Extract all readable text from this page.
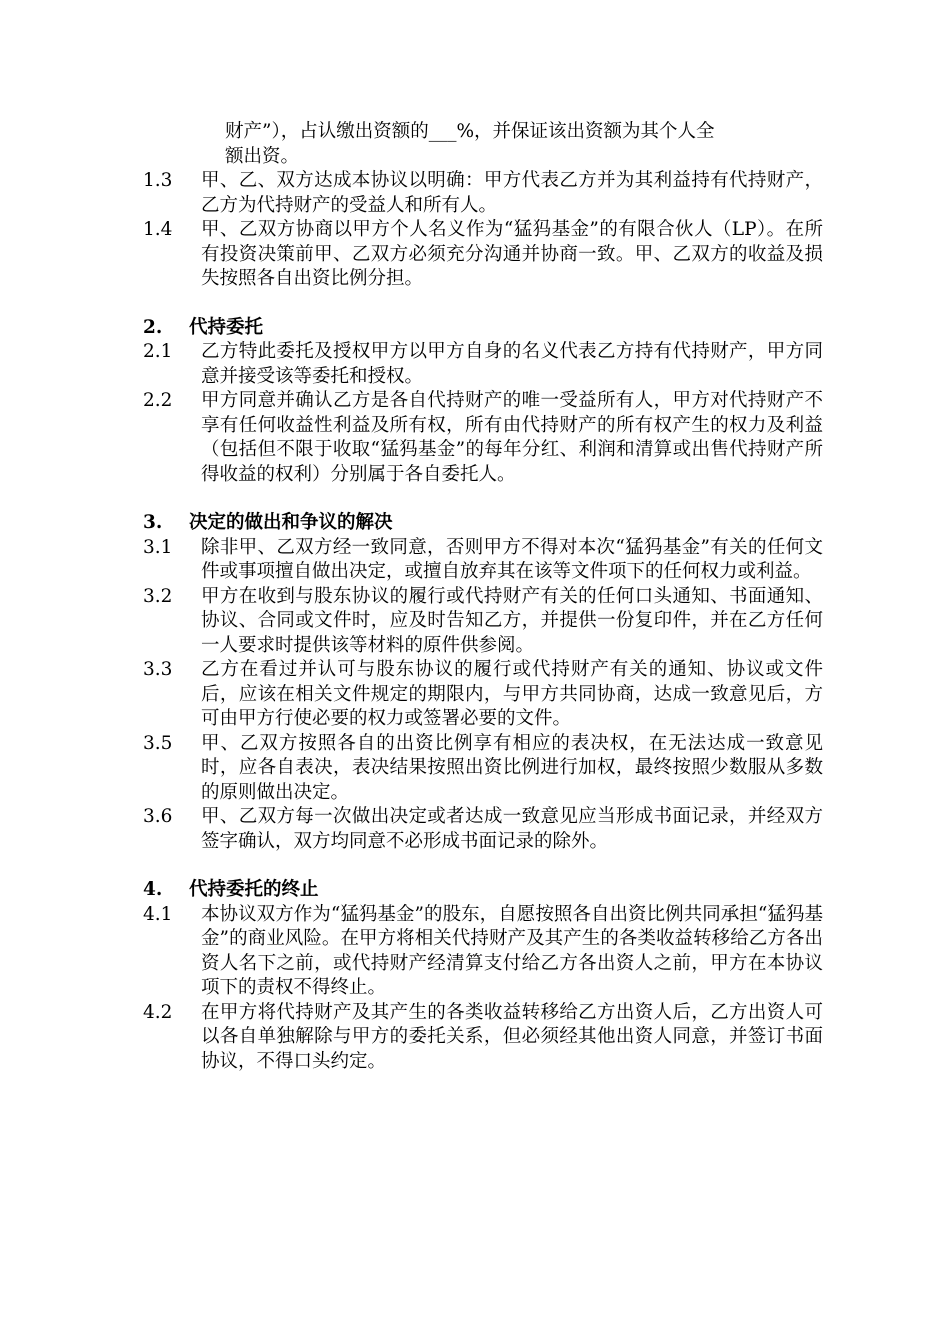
财产”），占认缴出资额的___%，并保证该出资额为其个人全
额出资。
1.3	甲、乙、双方达成本协议以明确：甲方代表乙方并为其利益持有代持财产，乙方为代持财产的受益人和所有人。
1.4	甲、乙双方协商以甲方个人名义作为“猛犸基金”的有限合伙人（LP）。在所有投资决策前甲、乙双方必须充分沟通并协商一致。甲、乙双方的收益及损失按照各自出资比例分担。
2.	代持委托
2.1	乙方特此委托及授权甲方以甲方自身的名义代表乙方持有代持财产，甲方同意并接受该等委托和授权。
2.2	甲方同意并确认乙方是各自代持财产的唯一受益所有人，甲方对代持财产不享有任何收益性利益及所有权，所有由代持财产的所有权产生的权力及利益（包括但不限于收取“猛犸基金”的每年分红、利润和清算或出售代持财产所得收益的权利）分别属于各自委托人。
3.	决定的做出和争议的解决
3.1	除非甲、乙双方经一致同意，否则甲方不得对本次“猛犸基金”有关的任何文件或事项擅自做出决定，或擅自放弃其在该等文件项下的任何权力或利益。
3.2	甲方在收到与股东协议的履行或代持财产有关的任何口头通知、书面通知、协议、合同或文件时，应及时告知乙方，并提供一份复印件，并在乙方任何一人要求时提供该等材料的原件供参阅。
3.3	乙方在看过并认可与股东协议的履行或代持财产有关的通知、协议或文件后，应该在相关文件规定的期限内，与甲方共同协商，达成一致意见后，方可由甲方行使必要的权力或签署必要的文件。
3.5	甲、乙双方按照各自的出资比例享有相应的表决权，在无法达成一致意见时，应各自表决，表决结果按照出资比例进行加权，最终按照少数服从多数的原则做出决定。
3.6	甲、乙双方每一次做出决定或者达成一致意见应当形成书面记录，并经双方签字确认，双方均同意不必形成书面记录的除外。
4.	代持委托的终止
4.1	本协议双方作为“猛犸基金”的股东，自愿按照各自出资比例共同承担“猛犸基金”的商业风险。在甲方将相关代持财产及其产生的各类收益转移给乙方各出资人名下之前，或代持财产经清算支付给乙方各出资人之前，甲方在本协议项下的责权不得终止。
4.2	在甲方将代持财产及其产生的各类收益转移给乙方出资人后，乙方出资人可以各自单独解除与甲方的委托关系，但必须经其他出资人同意，并签订书面协议，不得口头约定。
